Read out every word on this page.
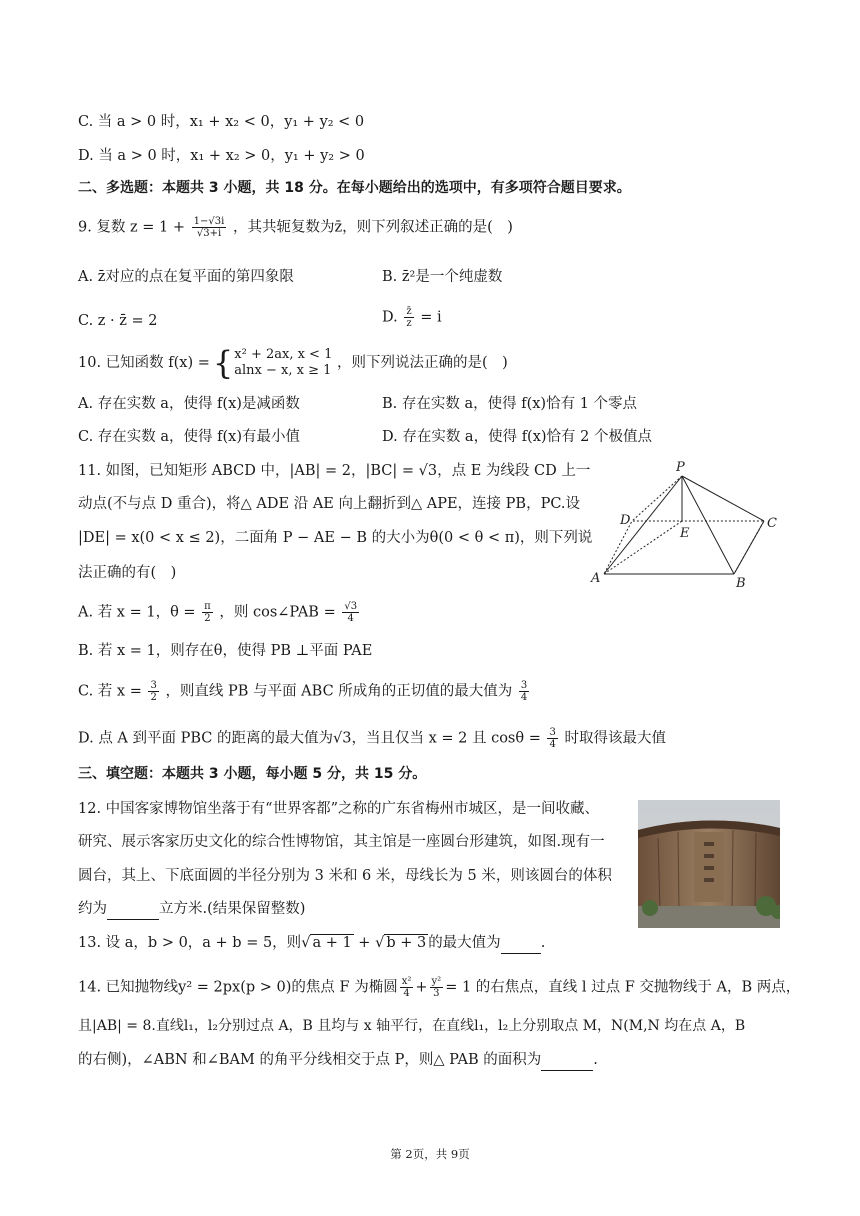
C. 当 a > 0 时，x₁ + x₂ < 0，y₁ + y₂ < 0
D. 当 a > 0 时，x₁ + x₂ > 0，y₁ + y₂ > 0
二、多选题：本题共 3 小题，共 18 分。在每小题给出的选项中，有多项符合题目要求。
9. 复数 $z = 1 + \frac{1-√3i}{√3+i}$ ，其共轭复数为z̄，则下列叙述正确的是(　)
A. z̄对应的点在复平面的第四象限	B. z̄²是一个纯虚数
C. z · z̄ = 2	D. $\frac{z̄}{z} = i$
10. 已知函数 f(x) ={ x² + 2ax, x < 1
alnx − x, x ≥ 1 ，则下列说法正确的是(　)
A. 存在实数 a，使得 f(x)是减函数	B. 存在实数 a，使得 f(x)恰有 1 个零点
C. 存在实数 a，使得 f(x)有最小值	D. 存在实数 a，使得 f(x)恰有 2 个极值点
11. 如图，已知矩形 ABCD 中，|AB| = 2，|BC| = √3，点 E 为线段 CD 上一
动点(不与点 D 重合)，将△ ADE 沿 AE 向上翻折到△ APE，连接 PB，PC.设
|DE| = x(0 < x ≤ 2)，二面角 P − AE − B 的大小为θ(0 < θ < π)，则下列说
法正确的有(　)
P
D
E
C
A	B
A. 若 x = 1，$\theta = \frac{\pi}{2}$ ，则 cos∠PAB = $\frac{√3}{4}$
B. 若 x = 1，则存在θ，使得 PB ⊥平面 PAE
C. 若 $x = \frac{3}{2}$ ，则直线 PB 与平面 ABC 所成角的正切值的最大值为 $\frac{3}{4}$
D. 点 A 到平面 PBC 的距离的最大值为√3，当且仅当 x = 2 且 $\cos\theta = \frac{3}{4}$ 时取得该最大值
三、填空题：本题共 3 小题，每小题 5 分，共 15 分。
12. 中国客家博物馆坐落于有“世界客都”之称的广东省梅州市城区，是一间收藏、
研究、展示客家历史文化的综合性博物馆，其主馆是一座圆台形建筑，如图.现有一
圆台，其上、下底面圆的半径分别为 3 米和 6 米，母线长为 5 米，则该圆台的体积
约为	立方米.(结果保留整数)
13. 设 a，b > 0，a + b = 5，则√ a + 1 + √ b + 3 的最大值为	.
14. 已知抛物线y² = 2px(p > 0)的焦点 F 为椭圆 $\frac{\text{x²}}{4} + \frac{\text{y²}}{3} = 1$ 的右焦点，直线 l 过点 F 交抛物线于 A，B 两点，
且|AB| = 8.直线l₁，l₂分别过点 A，B 且均与 x 轴平行，在直线l₁，l₂上分别取点 M，N(M,N 均在点 A，B
的右侧)，∠ABN 和∠BAM 的角平分线相交于点 P，则△ PAB 的面积为	.
第 2页，共 9页
